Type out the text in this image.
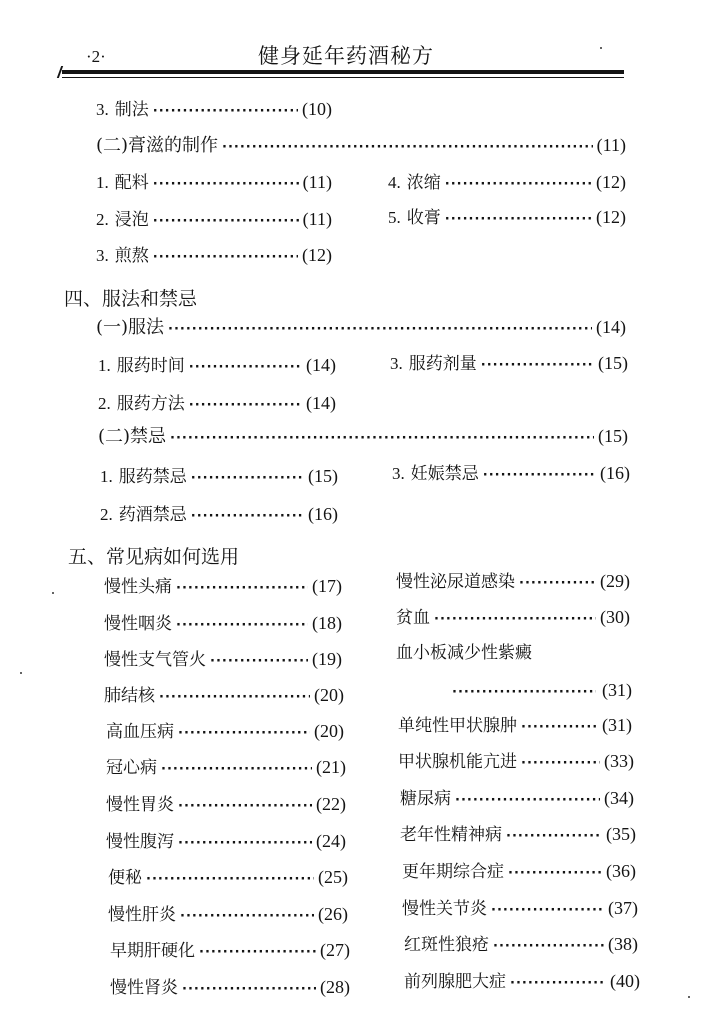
·2·	健身延年药酒秘方
3. 制法 ·····	(10)
(二)膏滋的制作 ·····	(11)
1. 配料 ·····	(11)	4. 浓缩 ·····	(12)
2. 浸泡 ·····	(11)	5. 收膏 ·····	(12)
3. 煎熬 ·····	(12)
四、服法和禁忌
(一)服法 ·····	(14)
1. 服药时间 ·····	(14)	3. 服药剂量 ·····	(15)
2. 服药方法 ·····	(14)
(二)禁忌 ·····	(15)
1. 服药禁忌 ·····	(15)	3. 妊娠禁忌 ·····	(16)
2. 药酒禁忌 ·····	(16)
五、常见病如何选用
慢性头痛 ·····	(17)
慢性咽炎 ·····	(18)
慢性支气管火 ·····	(19)
肺结核 ·····	(20)
高血压病 ·····	(20)
冠心病 ·····	(21)
慢性胃炎 ·····	(22)
慢性腹泻 ·····	(24)
便秘 ·····	(25)
慢性肝炎 ·····	(26)
早期肝硬化 ·····	(27)
慢性肾炎 ·····	(28)
慢性泌尿道感染 ·····	(29)
贫血 ·····	(30)
血小板减少性紫癜
·····
(31)
单纯性甲状腺肿 ·····	(31)
甲状腺机能亢进 ·····	(33)
糖尿病 ·····	(34)
老年性精神病 ·····	(35)
更年期综合症 ·····	(36)
慢性关节炎 ·····	(37)
红斑性狼疮 ·····	(38)
前列腺肥大症 ·····	(40)
